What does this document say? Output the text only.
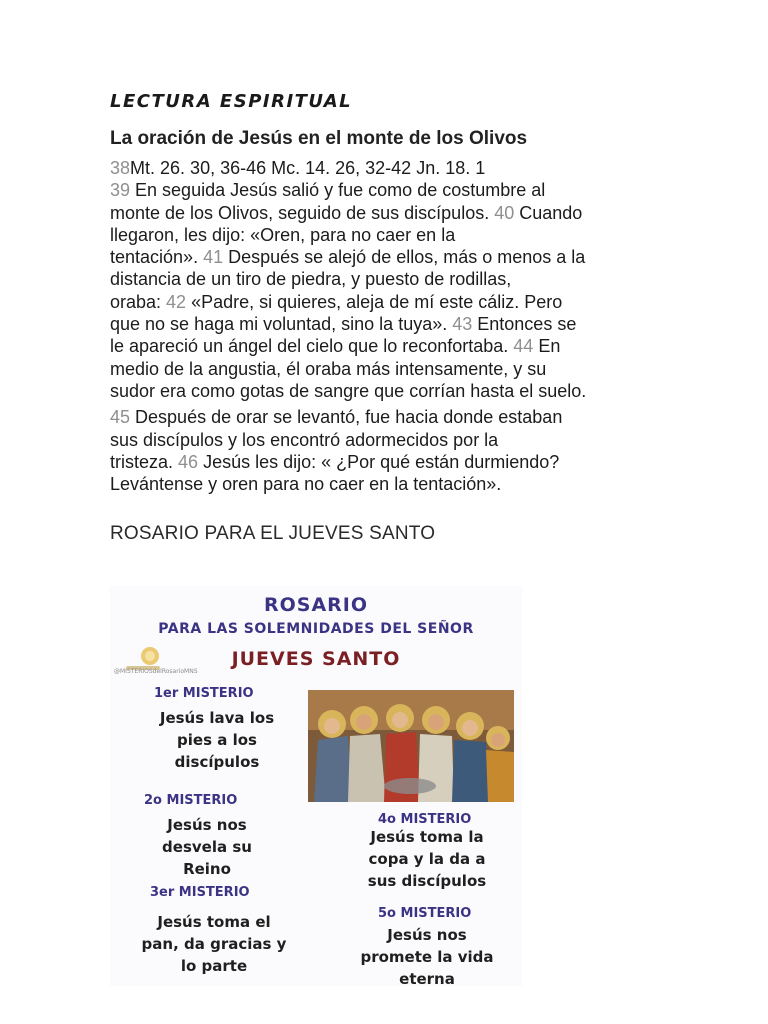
LECTURA ESPIRITUAL
La oración de Jesús en el monte de los Olivos

38Mt. 26. 30, 36-46 Mc. 14. 26, 32-42 Jn. 18. 1
39 En seguida Jesús salió y fue como de costumbre al
monte de los Olivos, seguido de sus discípulos. 40 Cuando
llegaron, les dijo: «Oren, para no caer en la
tentación». 41 Después se alejó de ellos, más o menos a la
distancia de un tiro de piedra, y puesto de rodillas,
oraba: 42 «Padre, si quieres, aleja de mí este cáliz. Pero
que no se haga mi voluntad, sino la tuya». 43 Entonces se
le apareció un ángel del cielo que lo reconfortaba. 44 En
medio de la angustia, él oraba más intensamente, y su
sudor era como gotas de sangre que corrían hasta el suelo.

45 Después de orar se levantó, fue hacia donde estaban
sus discípulos y los encontró adormecidos por la
tristeza. 46 Jesús les dijo: « ¿Por qué están durmiendo?
Levántense y oren para no caer en la tentación».

ROSARIO PARA EL JUEVES SANTO

ROSARIO

PARA LAS SOLEMNIDADES DEL SEÑOR

JUEVES SANTO

@MISTERIOSdelRosarioMNS

1er MISTERIO

Jesús lava los
pies a los
discípulos

2o MISTERIO

Jesús nos
desvela su
Reino

3er MISTERIO

Jesús toma el
pan, da gracias y
lo parte

4o MISTERIO

Jesús toma la
copa y la da a
sus discípulos

5o MISTERIO

Jesús nos
promete la vida
eterna
